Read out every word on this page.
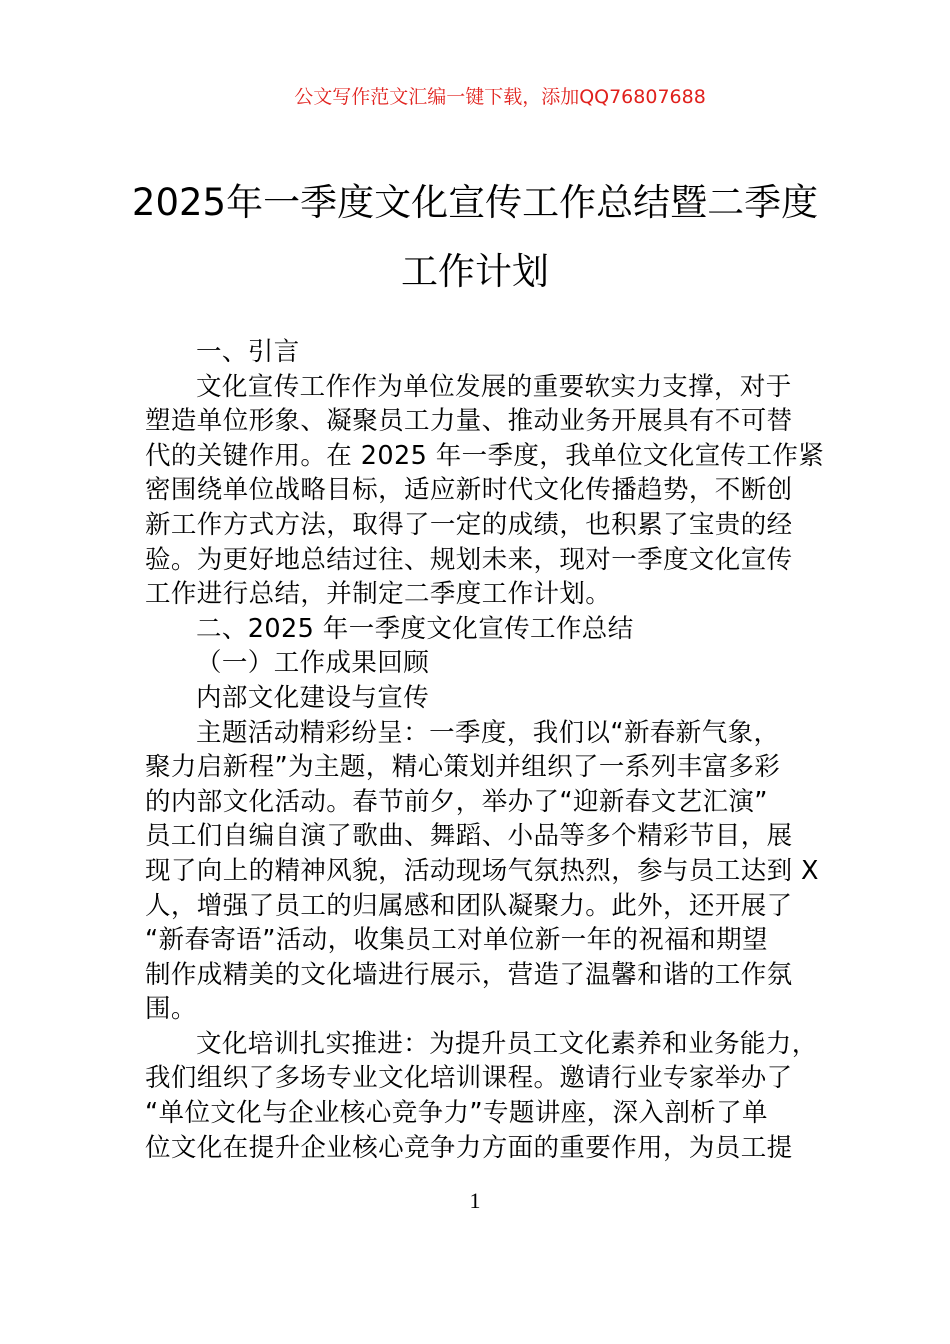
公文写作范文汇编一键下载，添加QQ76807688
2025年一季度文化宣传工作总结暨二季度
工作计划
一、引言
文化宣传工作作为单位发展的重要软实力支撑，对于
塑造单位形象、凝聚员工力量、推动业务开展具有不可替
代的关键作用。在 2025 年一季度，我单位文化宣传工作紧
密围绕单位战略目标，适应新时代文化传播趋势，不断创
新工作方式方法，取得了一定的成绩，也积累了宝贵的经
验。为更好地总结过往、规划未来，现对一季度文化宣传
工作进行总结，并制定二季度工作计划。
二、2025 年一季度文化宣传工作总结
（一）工作成果回顾
内部文化建设与宣传
主题活动精彩纷呈：一季度，我们以“新春新气象，
聚力启新程”为主题，精心策划并组织了一系列丰富多彩
的内部文化活动。春节前夕，举办了“迎新春文艺汇演”
员工们自编自演了歌曲、舞蹈、小品等多个精彩节目，展
现了向上的精神风貌，活动现场气氛热烈，参与员工达到 X
人，增强了员工的归属感和团队凝聚力。此外，还开展了
“新春寄语”活动，收集员工对单位新一年的祝福和期望
制作成精美的文化墙进行展示，营造了温馨和谐的工作氛
围。
文化培训扎实推进：为提升员工文化素养和业务能力，
我们组织了多场专业文化培训课程。邀请行业专家举办了
“单位文化与企业核心竞争力”专题讲座，深入剖析了单
位文化在提升企业核心竞争力方面的重要作用，为员工提
1
